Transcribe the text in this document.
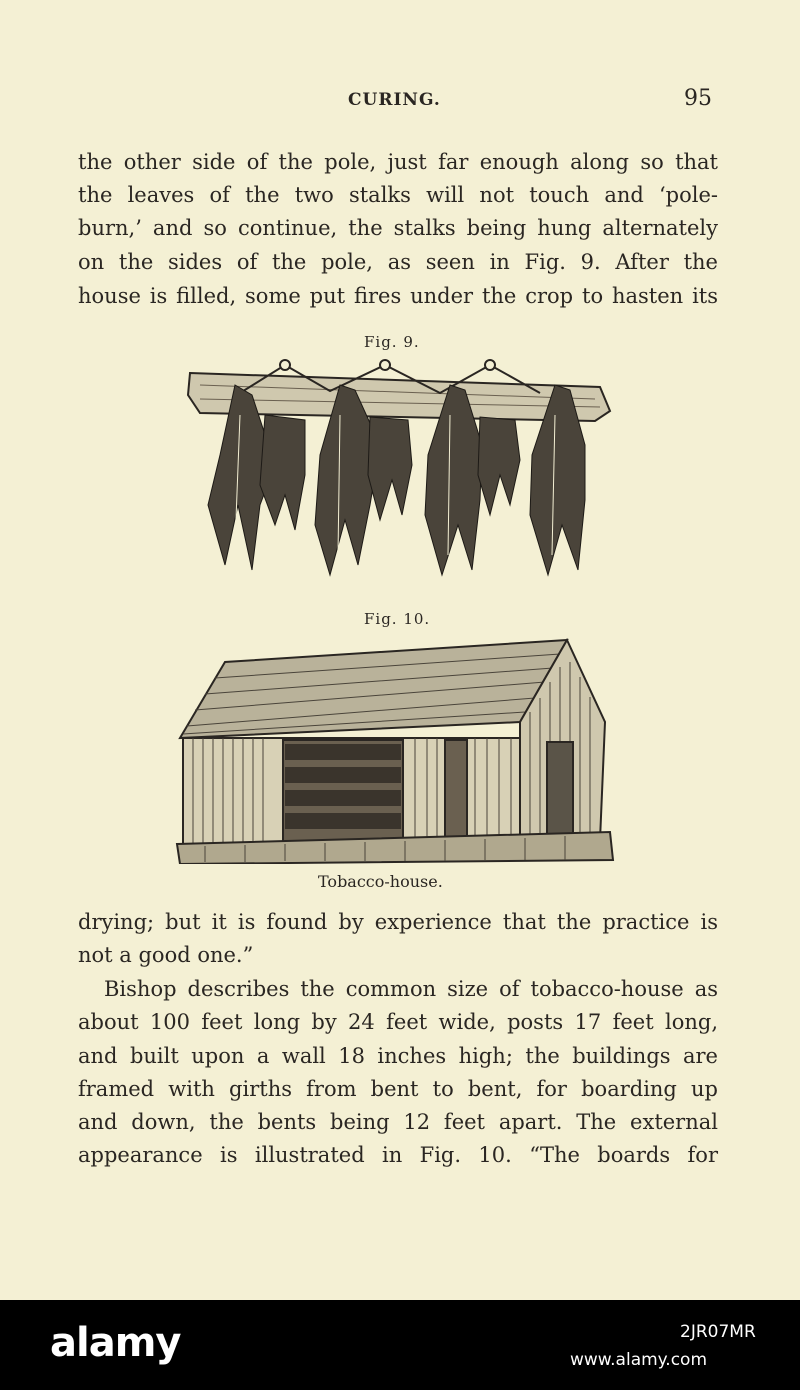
CURING.	95
the other side of the pole, just far enough along so that
the leaves of the two stalks will not touch and ‘pole-
burn,’ and so continue, the stalks being hung alternately
on the sides of the pole, as seen in Fig. 9. After the
house is filled, some put fires under the crop to hasten its
Fig. 9.
Fig. 10.
Tobacco-house.
drying; but it is found by experience that the practice is
not a good one.”
Bishop describes the common size of tobacco-house as
about 100 feet long by 24 feet wide, posts 17 feet long,
and built upon a wall 18 inches high; the buildings are
framed with girths from bent to bent, for boarding up
and down, the bents being 12 feet apart. The external
appearance is illustrated in Fig. 10. “The boards for
alamy	2JR07MR
www.alamy.com
